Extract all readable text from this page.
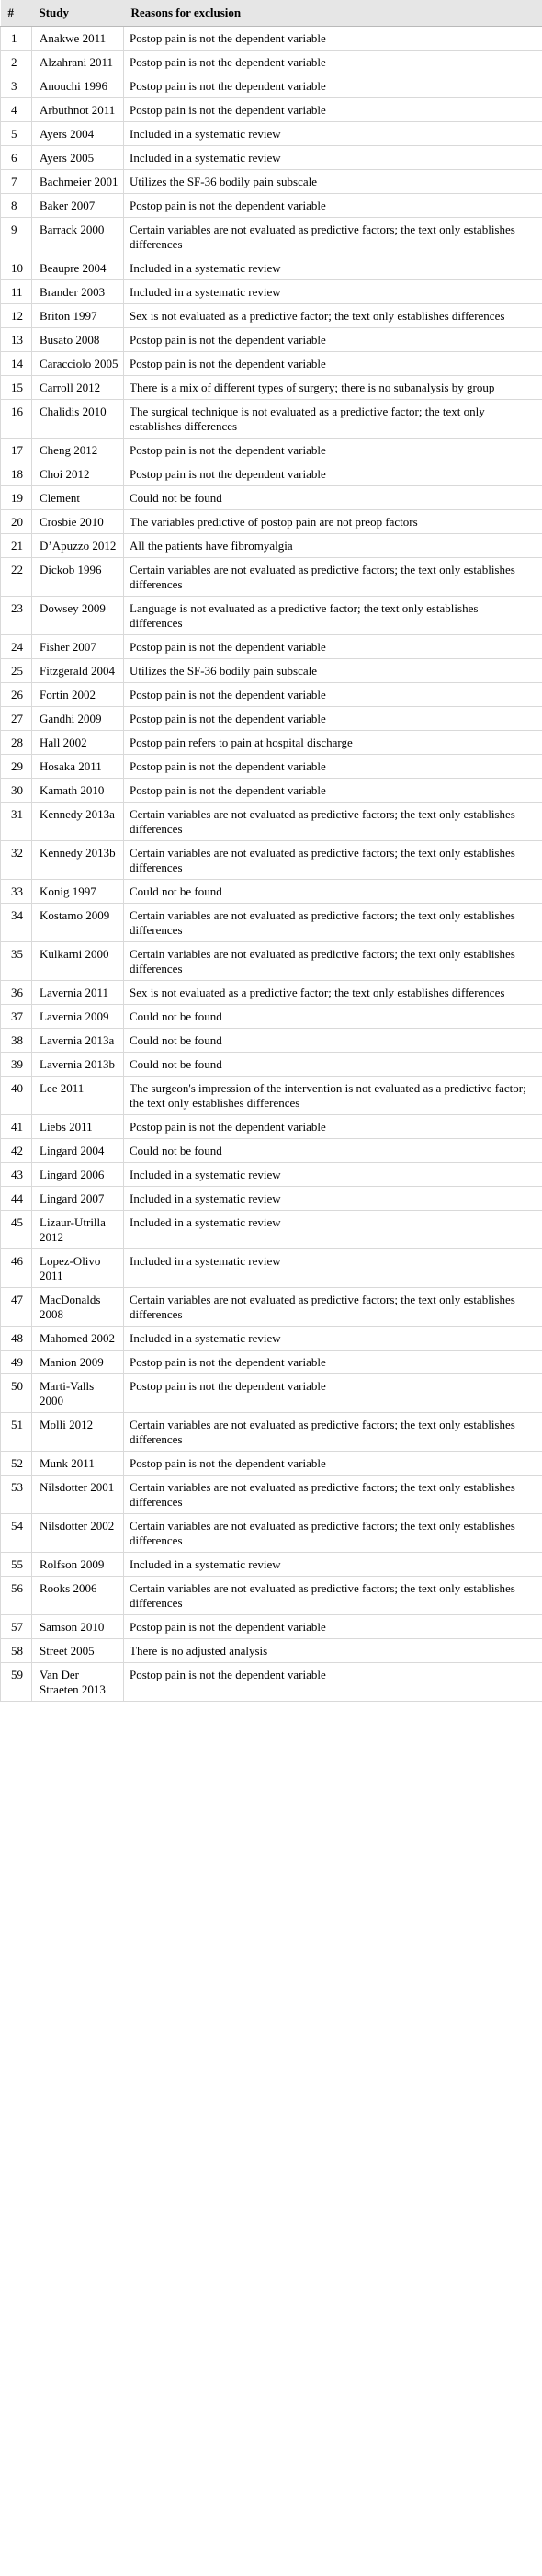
#	Study	Reasons for exclusion
1	Anakwe 2011	Postop pain is not the dependent variable
2	Alzahrani 2011	Postop pain is not the dependent variable
3	Anouchi 1996	Postop pain is not the dependent variable
4	Arbuthnot 2011	Postop pain is not the dependent variable
5	Ayers 2004	Included in a systematic review
6	Ayers 2005	Included in a systematic review
7	Bachmeier 2001	Utilizes the SF-36 bodily pain subscale
8	Baker 2007	Postop pain is not the dependent variable
9	Barrack 2000	Certain variables are not evaluated as predictive factors; the text only establishes differences
10	Beaupre 2004	Included in a systematic review
11	Brander 2003	Included in a systematic review
12	Briton 1997	Sex is not evaluated as a predictive factor; the text only establishes differences
13	Busato 2008	Postop pain is not the dependent variable
14	Caracciolo 2005	Postop pain is not the dependent variable
15	Carroll 2012	There is a mix of different types of surgery; there is no subanalysis by group
16	Chalidis 2010	The surgical technique is not evaluated as a predictive factor; the text only establishes differences
17	Cheng 2012	Postop pain is not the dependent variable
18	Choi 2012	Postop pain is not the dependent variable
19	Clement	Could not be found
20	Crosbie 2010	The variables predictive of postop pain are not preop factors
21	D’Apuzzo 2012	All the patients have fibromyalgia
22	Dickob 1996	Certain variables are not evaluated as predictive factors; the text only establishes differences
23	Dowsey 2009	Language is not evaluated as a predictive factor; the text only establishes differences
24	Fisher 2007	Postop pain is not the dependent variable
25	Fitzgerald 2004	Utilizes the SF-36 bodily pain subscale
26	Fortin 2002	Postop pain is not the dependent variable
27	Gandhi 2009	Postop pain is not the dependent variable
28	Hall 2002	Postop pain refers to pain at hospital discharge
29	Hosaka 2011	Postop pain is not the dependent variable
30	Kamath 2010	Postop pain is not the dependent variable
31	Kennedy 2013a	Certain variables are not evaluated as predictive factors; the text only establishes differences
32	Kennedy 2013b	Certain variables are not evaluated as predictive factors; the text only establishes differences
33	Konig 1997	Could not be found
34	Kostamo 2009	Certain variables are not evaluated as predictive factors; the text only establishes differences
35	Kulkarni 2000	Certain variables are not evaluated as predictive factors; the text only establishes differences
36	Lavernia 2011	Sex is not evaluated as a predictive factor; the text only establishes differences
37	Lavernia 2009	Could not be found
38	Lavernia 2013a	Could not be found
39	Lavernia 2013b	Could not be found
40	Lee 2011	The surgeon's impression of the intervention is not evaluated as a predictive factor; the text only establishes differences
41	Liebs 2011	Postop pain is not the dependent variable
42	Lingard 2004	Could not be found
43	Lingard 2006	Included in a systematic review
44	Lingard 2007	Included in a systematic review
45	Lizaur-Utrilla 2012	Included in a systematic review
46	Lopez-Olivo 2011	Included in a systematic review
47	MacDonalds 2008	Certain variables are not evaluated as predictive factors; the text only establishes differences
48	Mahomed 2002	Included in a systematic review
49	Manion 2009	Postop pain is not the dependent variable
50	Marti-Valls 2000	Postop pain is not the dependent variable
51	Molli 2012	Certain variables are not evaluated as predictive factors; the text only establishes differences
52	Munk 2011	Postop pain is not the dependent variable
53	Nilsdotter 2001	Certain variables are not evaluated as predictive factors; the text only establishes differences
54	Nilsdotter 2002	Certain variables are not evaluated as predictive factors; the text only establishes differences
55	Rolfson 2009	Included in a systematic review
56	Rooks 2006	Certain variables are not evaluated as predictive factors; the text only establishes differences
57	Samson 2010	Postop pain is not the dependent variable
58	Street 2005	There is no adjusted analysis
59	Van Der Straeten 2013	Postop pain is not the dependent variable
